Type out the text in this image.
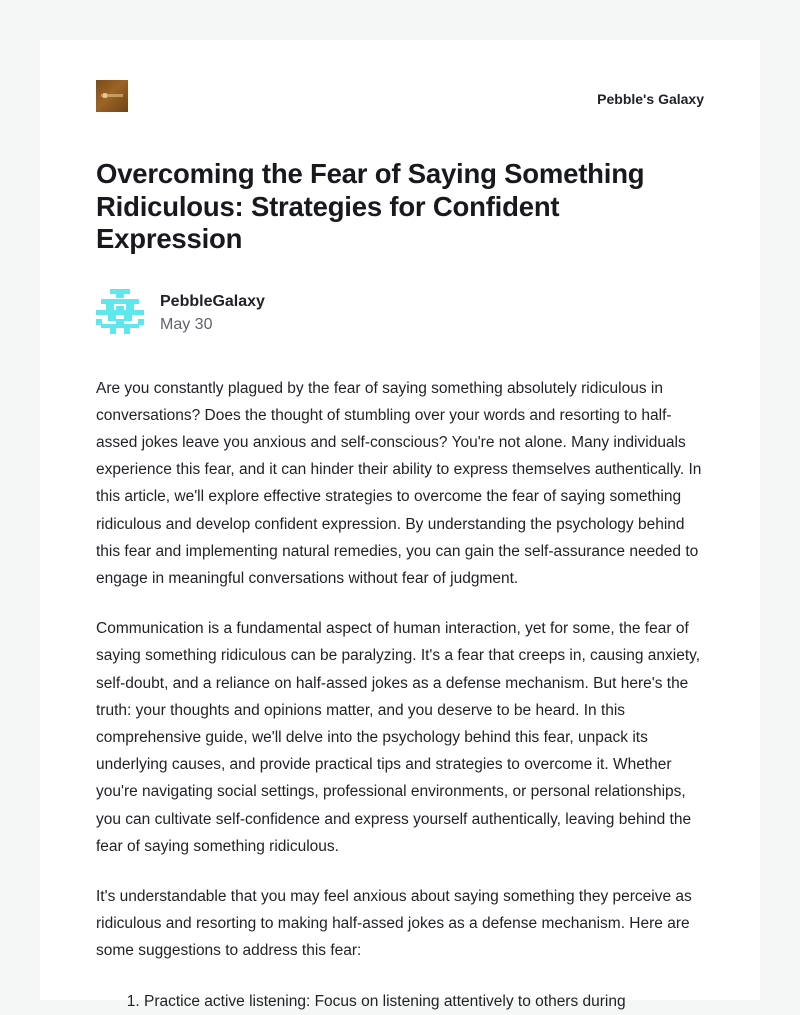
Pebble's Galaxy
Overcoming the Fear of Saying Something Ridiculous: Strategies for Confident Expression
PebbleGalaxy
May 30

Are you constantly plagued by the fear of saying something absolutely ridiculous in conversations? Does the thought of stumbling over your words and resorting to half-assed jokes leave you anxious and self-conscious? You're not alone. Many individuals experience this fear, and it can hinder their ability to express themselves authentically. In this article, we'll explore effective strategies to overcome the fear of saying something ridiculous and develop confident expression. By understanding the psychology behind this fear and implementing natural remedies, you can gain the self-assurance needed to engage in meaningful conversations without fear of judgment.

Communication is a fundamental aspect of human interaction, yet for some, the fear of saying something ridiculous can be paralyzing. It's a fear that creeps in, causing anxiety, self-doubt, and a reliance on half-assed jokes as a defense mechanism. But here's the truth: your thoughts and opinions matter, and you deserve to be heard. In this comprehensive guide, we'll delve into the psychology behind this fear, unpack its underlying causes, and provide practical tips and strategies to overcome it. Whether you're navigating social settings, professional environments, or personal relationships, you can cultivate self-confidence and express yourself authentically, leaving behind the fear of saying something ridiculous.

It's understandable that you may feel anxious about saying something they perceive as ridiculous and resorting to making half-assed jokes as a defense mechanism. Here are some suggestions to address this fear:

1. Practice active listening: Focus on listening attentively to others during
